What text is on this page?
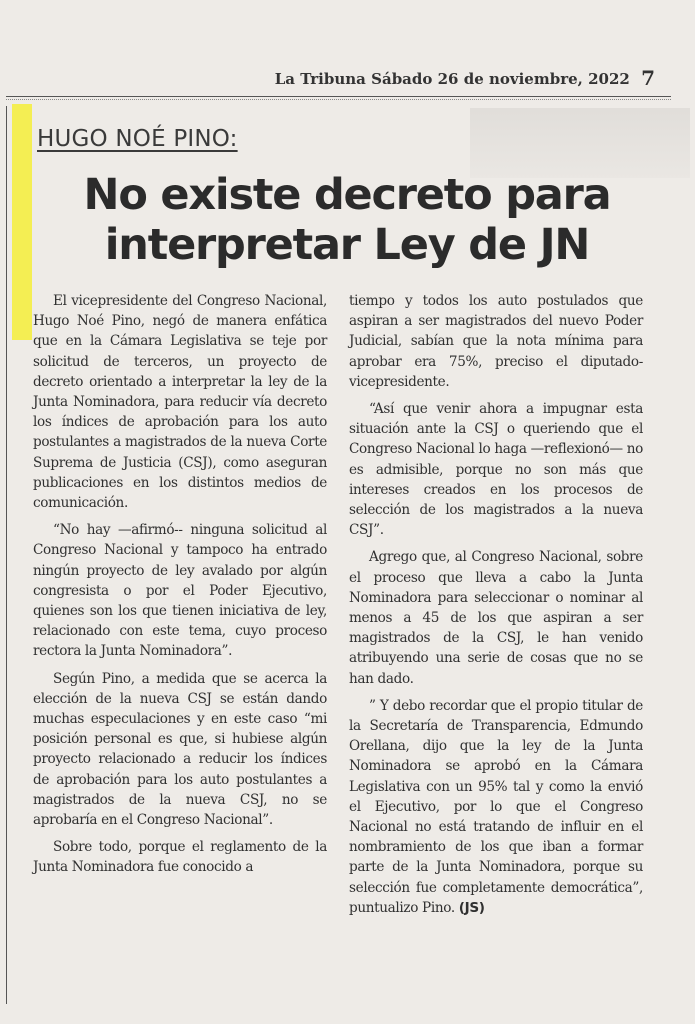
La Tribuna Sábado 26 de noviembre, 2022 7
HUGO NOÉ PINO:
No existe decreto para
interpretar Ley de JN

El vicepresidente del Congreso Nacional, Hugo Noé Pino, negó de manera enfática que en la Cámara Legislativa se teje por solicitud de terceros, un proyecto de decreto orientado a interpretar la ley de la Junta Nominadora, para reducir vía decreto los índices de aprobación para los auto postulantes a magistrados de la nueva Corte Suprema de Justicia (CSJ), como aseguran publicaciones en los distintos medios de comunicación.

“No hay —afirmó-- ninguna solicitud al Congreso Nacional y tampoco ha entrado ningún proyecto de ley avalado por algún congresista o por el Poder Ejecutivo, quienes son los que tienen iniciativa de ley, relacionado con este tema, cuyo proceso rectora la Junta Nominadora”.

Según Pino, a medida que se acerca la elección de la nueva CSJ se están dando muchas especulaciones y en este caso “mi posición personal es que, si hubiese algún proyecto relacionado a reducir los índices de aprobación para los auto postulantes a magistrados de la nueva CSJ, no se aprobaría en el Congreso Nacional”.

Sobre todo, porque el reglamento de la Junta Nominadora fue conocido a

tiempo y todos los auto postulados que aspiran a ser magistrados del nuevo Poder Judicial, sabían que la nota mínima para aprobar era 75%, preciso el diputado-vicepresidente.

“Así que venir ahora a impugnar esta situación ante la CSJ o queriendo que el Congreso Nacional lo haga —reflexionó— no es admisible, porque no son más que intereses creados en los procesos de selección de los magistrados a la nueva CSJ”.

Agrego que, al Congreso Nacional, sobre el proceso que lleva a cabo la Junta Nominadora para seleccionar o nominar al menos a 45 de los que aspiran a ser magistrados de la CSJ, le han venido atribuyendo una serie de cosas que no se han dado.

” Y debo recordar que el propio titular de la Secretaría de Transparencia, Edmundo Orellana, dijo que la ley de la Junta Nominadora se aprobó en la Cámara Legislativa con un 95% tal y como la envió el Ejecutivo, por lo que el Congreso Nacional no está tratando de influir en el nombramiento de los que iban a formar parte de la Junta Nominadora, porque su selección fue completamente democrática”, puntualizo Pino. (JS)
